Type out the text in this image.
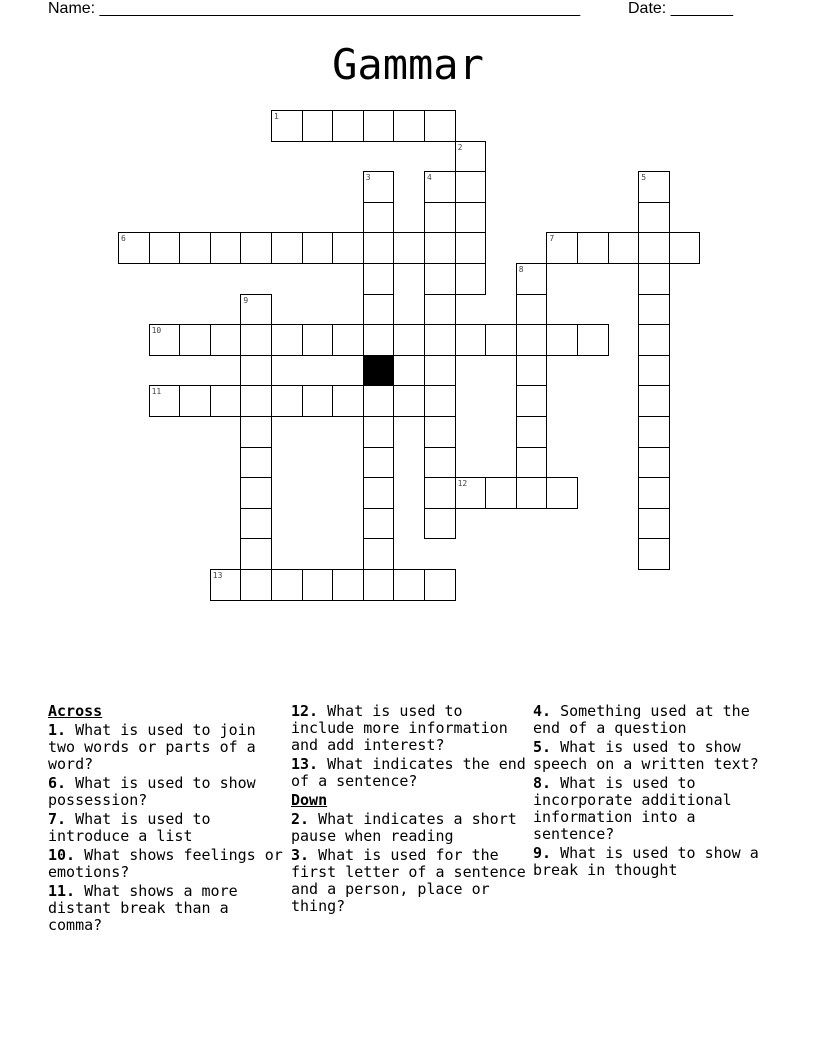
Name: ______________________________________________________	Date: _______
Gammar
1
2
3	4	5
6	7
8
9
10
11
12
13
Across
1. What is used to join two words or parts of a word?
6. What is used to show possession?
7. What is used to introduce a list
10. What shows feelings or emotions?
11. What shows a more distant break than a comma?
12. What is used to include more information and add interest?
13. What indicates the end of a sentence?
Down
2. What indicates a short pause when reading
3. What is used for the first letter of a sentence and a person, place or thing?
4. Something used at the end of a question
5. What is used to show speech on a written text?
8. What is used to incorporate additional information into a sentence?
9. What is used to show a break in thought
